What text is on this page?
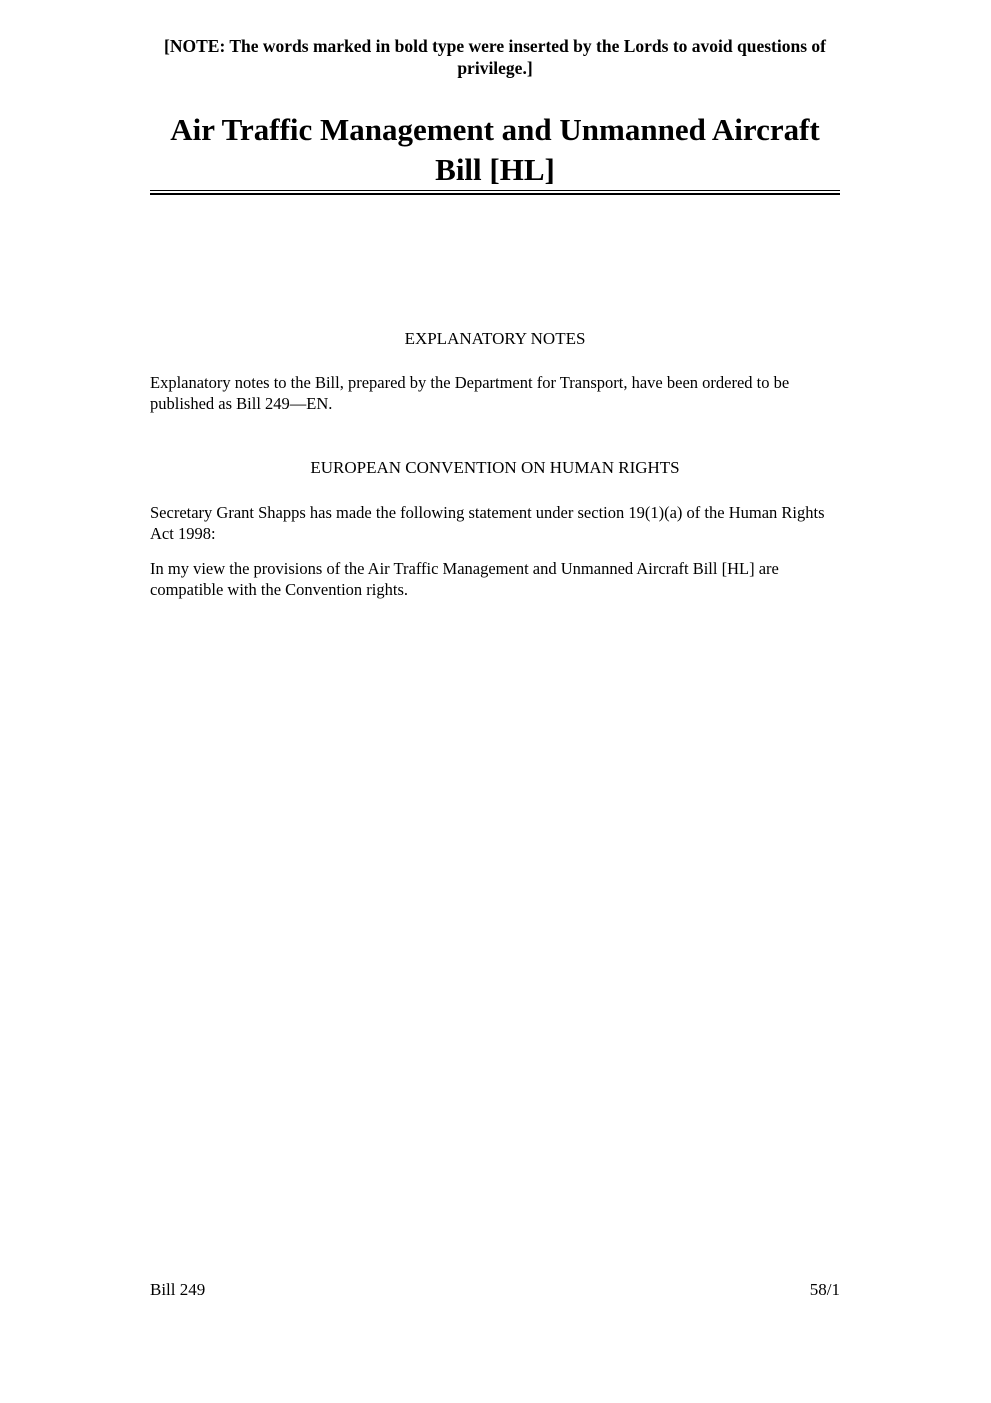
[NOTE: The words marked in bold type were inserted by the Lords to avoid questions of privilege.]
Air Traffic Management and Unmanned Aircraft Bill [HL]
EXPLANATORY NOTES

Explanatory notes to the Bill, prepared by the Department for Transport, have been ordered to be published as Bill 249—EN.

EUROPEAN CONVENTION ON HUMAN RIGHTS

Secretary Grant Shapps has made the following statement under section 19(1)(a) of the Human Rights Act 1998:

In my view the provisions of the Air Traffic Management and Unmanned Aircraft Bill [HL] are compatible with the Convention rights.

Bill 249	58/1
